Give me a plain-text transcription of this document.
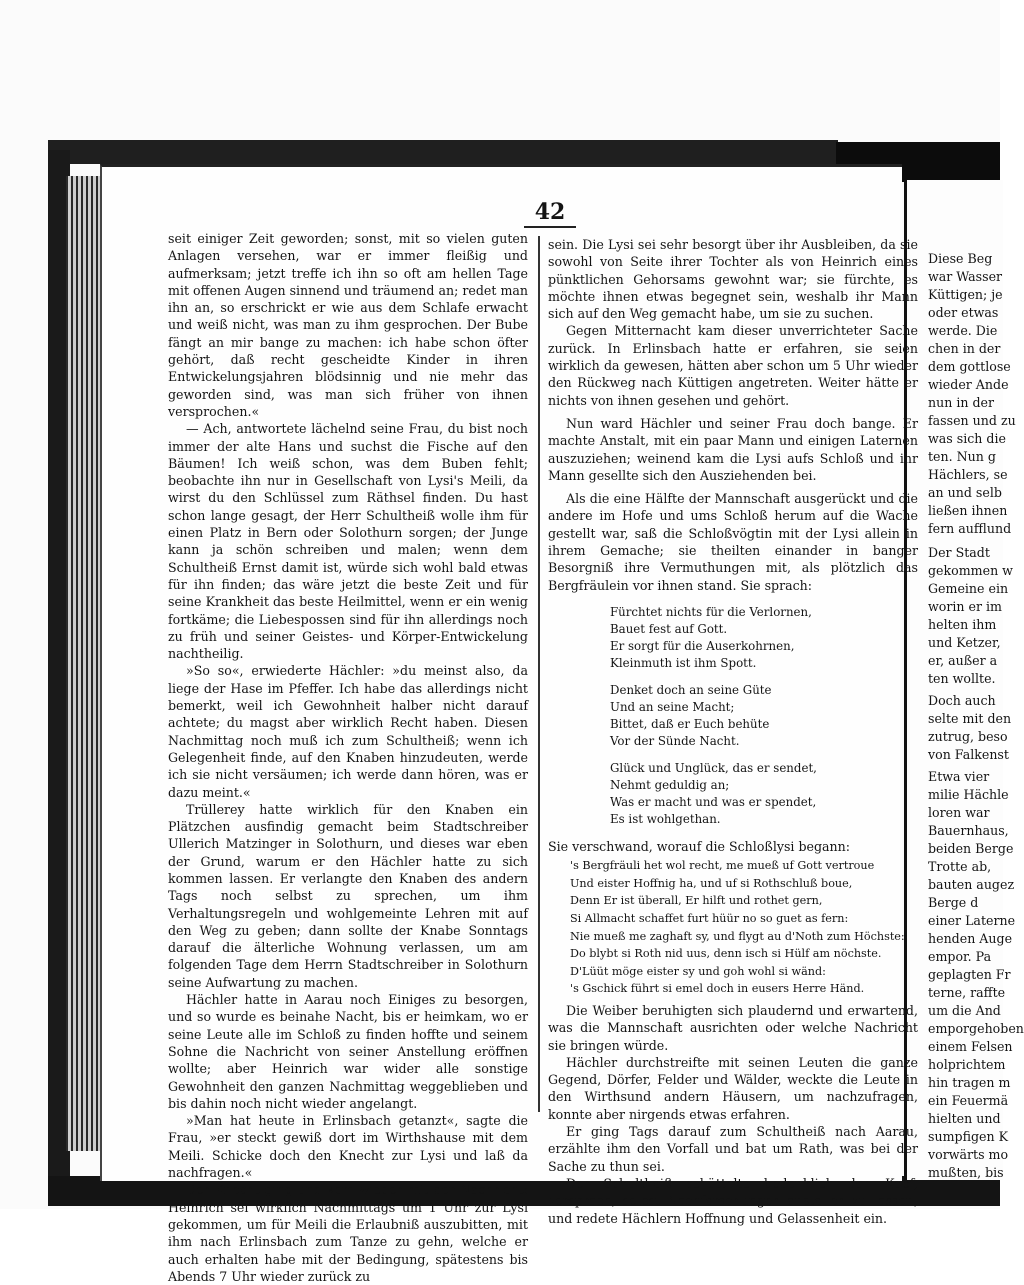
42

seit einiger Zeit geworden; sonst, mit so vielen guten Anlagen versehen, war er immer fleißig und aufmerksam; jetzt treffe ich ihn so oft am hellen Tage mit offenen Augen sinnend und träumend an; redet man ihn an, so erschrickt er wie aus dem Schlafe erwacht und weiß nicht, was man zu ihm gesprochen. Der Bube fängt an mir bange zu machen: ich habe schon öfter gehört, daß recht gescheidte Kinder in ihren Entwickelungsjahren blödsinnig und nie mehr das geworden sind, was man sich früher von ihnen versprochen.«

— Ach, antwortete lächelnd seine Frau, du bist noch immer der alte Hans und suchst die Fische auf den Bäumen! Ich weiß schon, was dem Buben fehlt; beobachte ihn nur in Gesellschaft von Lysi's Meili, da wirst du den Schlüssel zum Räthsel finden. Du hast schon lange gesagt, der Herr Schultheiß wolle ihm für einen Platz in Bern oder Solothurn sorgen; der Junge kann ja schön schreiben und malen; wenn dem Schultheiß Ernst damit ist, würde sich wohl bald etwas für ihn finden; das wäre jetzt die beste Zeit und für seine Krankheit das beste Heilmittel, wenn er ein wenig fortkäme; die Liebespossen sind für ihn allerdings noch zu früh und seiner Geistes- und Körper-Entwickelung nachtheilig.

»So so«, erwiederte Hächler: »du meinst also, da liege der Hase im Pfeffer. Ich habe das allerdings nicht bemerkt, weil ich Gewohnheit halber nicht darauf achtete; du magst aber wirklich Recht haben. Diesen Nachmittag noch muß ich zum Schultheiß; wenn ich Gelegenheit finde, auf den Knaben hinzudeuten, werde ich sie nicht versäumen; ich werde dann hören, was er dazu meint.«

Trüllerey hatte wirklich für den Knaben ein Plätzchen ausfindig gemacht beim Stadtschreiber Ullerich Matzinger in Solothurn, und dieses war eben der Grund, warum er den Hächler hatte zu sich kommen lassen. Er verlangte den Knaben des andern Tags noch selbst zu sprechen, um ihm Verhaltungsregeln und wohlgemeinte Lehren mit auf den Weg zu geben; dann sollte der Knabe Sonntags darauf die älterliche Wohnung verlassen, um am folgenden Tage dem Herrn Stadtschreiber in Solothurn seine Aufwartung zu machen.

Hächler hatte in Aarau noch Einiges zu besorgen, und so wurde es beinahe Nacht, bis er heimkam, wo er seine Leute alle im Schloß zu finden hoffte und seinem Sohne die Nachricht von seiner Anstellung eröffnen wollte; aber Heinrich war wider alle sonstige Gewohnheit den ganzen Nachmittag weggeblieben und bis dahin noch nicht wieder angelangt.

»Man hat heute in Erlinsbach getanzt«, sagte die Frau, »er steckt gewiß dort im Wirthshause mit dem Meili. Schicke doch den Knecht zur Lysi und laß da nachfragen.«

Der Knecht ging und kam wieder mit der Nachricht: Heinrich sei wirklich Nachmittags um 1 Uhr zur Lysi gekommen, um für Meili die Erlaubniß auszubitten, mit ihm nach Erlinsbach zum Tanze zu gehn, welche er auch erhalten habe mit der Bedingung, spätestens bis Abends 7 Uhr wieder zurück zu

sein. Die Lysi sei sehr besorgt über ihr Ausbleiben, da sie sowohl von Seite ihrer Tochter als von Heinrich eines pünktlichen Gehorsams gewohnt war; sie fürchte, es möchte ihnen etwas begegnet sein, weshalb ihr Mann sich auf den Weg gemacht habe, um sie zu suchen.

Gegen Mitternacht kam dieser unverrichteter Sache zurück. In Erlinsbach hatte er erfahren, sie seien wirklich da gewesen, hätten aber schon um 5 Uhr wieder den Rückweg nach Küttigen angetreten. Weiter hätte er nichts von ihnen gesehen und gehört.

Nun ward Hächler und seiner Frau doch bange. Er machte Anstalt, mit ein paar Mann und einigen Laternen auszuziehen; weinend kam die Lysi aufs Schloß und ihr Mann gesellte sich den Ausziehenden bei.

Als die eine Hälfte der Mannschaft ausgerückt und die andere im Hofe und ums Schloß herum auf die Wache gestellt war, saß die Schloßvögtin mit der Lysi allein in ihrem Gemache; sie theilten einander in banger Besorgniß ihre Vermuthungen mit, als plötzlich das Bergfräulein vor ihnen stand. Sie sprach:

Fürchtet nichts für die Verlornen,
Bauet fest auf Gott.
Er sorgt für die Auserkohrnen,
Kleinmuth ist ihm Spott.
Denket doch an seine Güte
Und an seine Macht;
Bittet, daß er Euch behüte
Vor der Sünde Nacht.
Glück und Unglück, das er sendet,
Nehmt geduldig an;
Was er macht und was er spendet,
Es ist wohlgethan.

Sie verschwand, worauf die Schloßlysi begann:

's Bergfräuli het wol recht, me mueß uf Gott vertroue
Und eister Hoffnig ha, und uf si Rothschluß boue,
Denn Er ist überall, Er hilft und rothet gern,
Si Allmacht schaffet furt hüür no so guet as fern:
Nie mueß me zaghaft sy, und flygt au d'Noth zum Höchste:
Do blybt si Roth nid uus, denn isch si Hülf am nöchste.
D'Lüüt möge eister sy und goh wohl si wänd:
's Gschick führt si emel doch in eusers Herre Händ.

Die Weiber beruhigten sich plaudernd und erwartend, was die Mannschaft ausrichten oder welche Nachricht sie bringen würde.

Hächler durchstreifte mit seinen Leuten die ganze Gegend, Dörfer, Felder und Wälder, weckte die Leute in den Wirthsund andern Häusern, um nachzufragen, konnte aber nirgends etwas erfahren.

Er ging Tags darauf zum Schultheiß nach Aarau, erzählte ihm den Vorfall und bat um Rath, was bei der Sache zu thun sei.

Der Schultheiß schüttelte bedenklich den Kopf, versprach, selbst Nachforschungen anstellen zu lassen, und redete Hächlern Hoffnung und Gelassenheit ein.

Diese Beg
war Wasser
Küttigen; je
oder etwas
werde. Die
chen in der
dem gottlose
wieder Ande
nun in der
fassen und zu
was sich die
ten. Nun g
Hächlers, se
an und selb
ließen ihnen
fern aufflund
Der Stadt
gekommen w
Gemeine ein
worin er im
helten ihm
und Ketzer,
er, außer a
ten wollte.
Doch auch
selte mit den
zutrug, beso
von Falkenst
Etwa vier
milie Hächle
loren war
Bauernhaus,
beiden Berge
Trotte ab,
bauten augez
Berge d
einer Laterne
henden Auge
empor. Pa
geplagten Fr
terne, raffte
um die And
emporgehoben
einem Felsen
holprichtem
hin tragen m
ein Feuermä
hielten und
sumpfigen K
vorwärts mo
mußten, bis
